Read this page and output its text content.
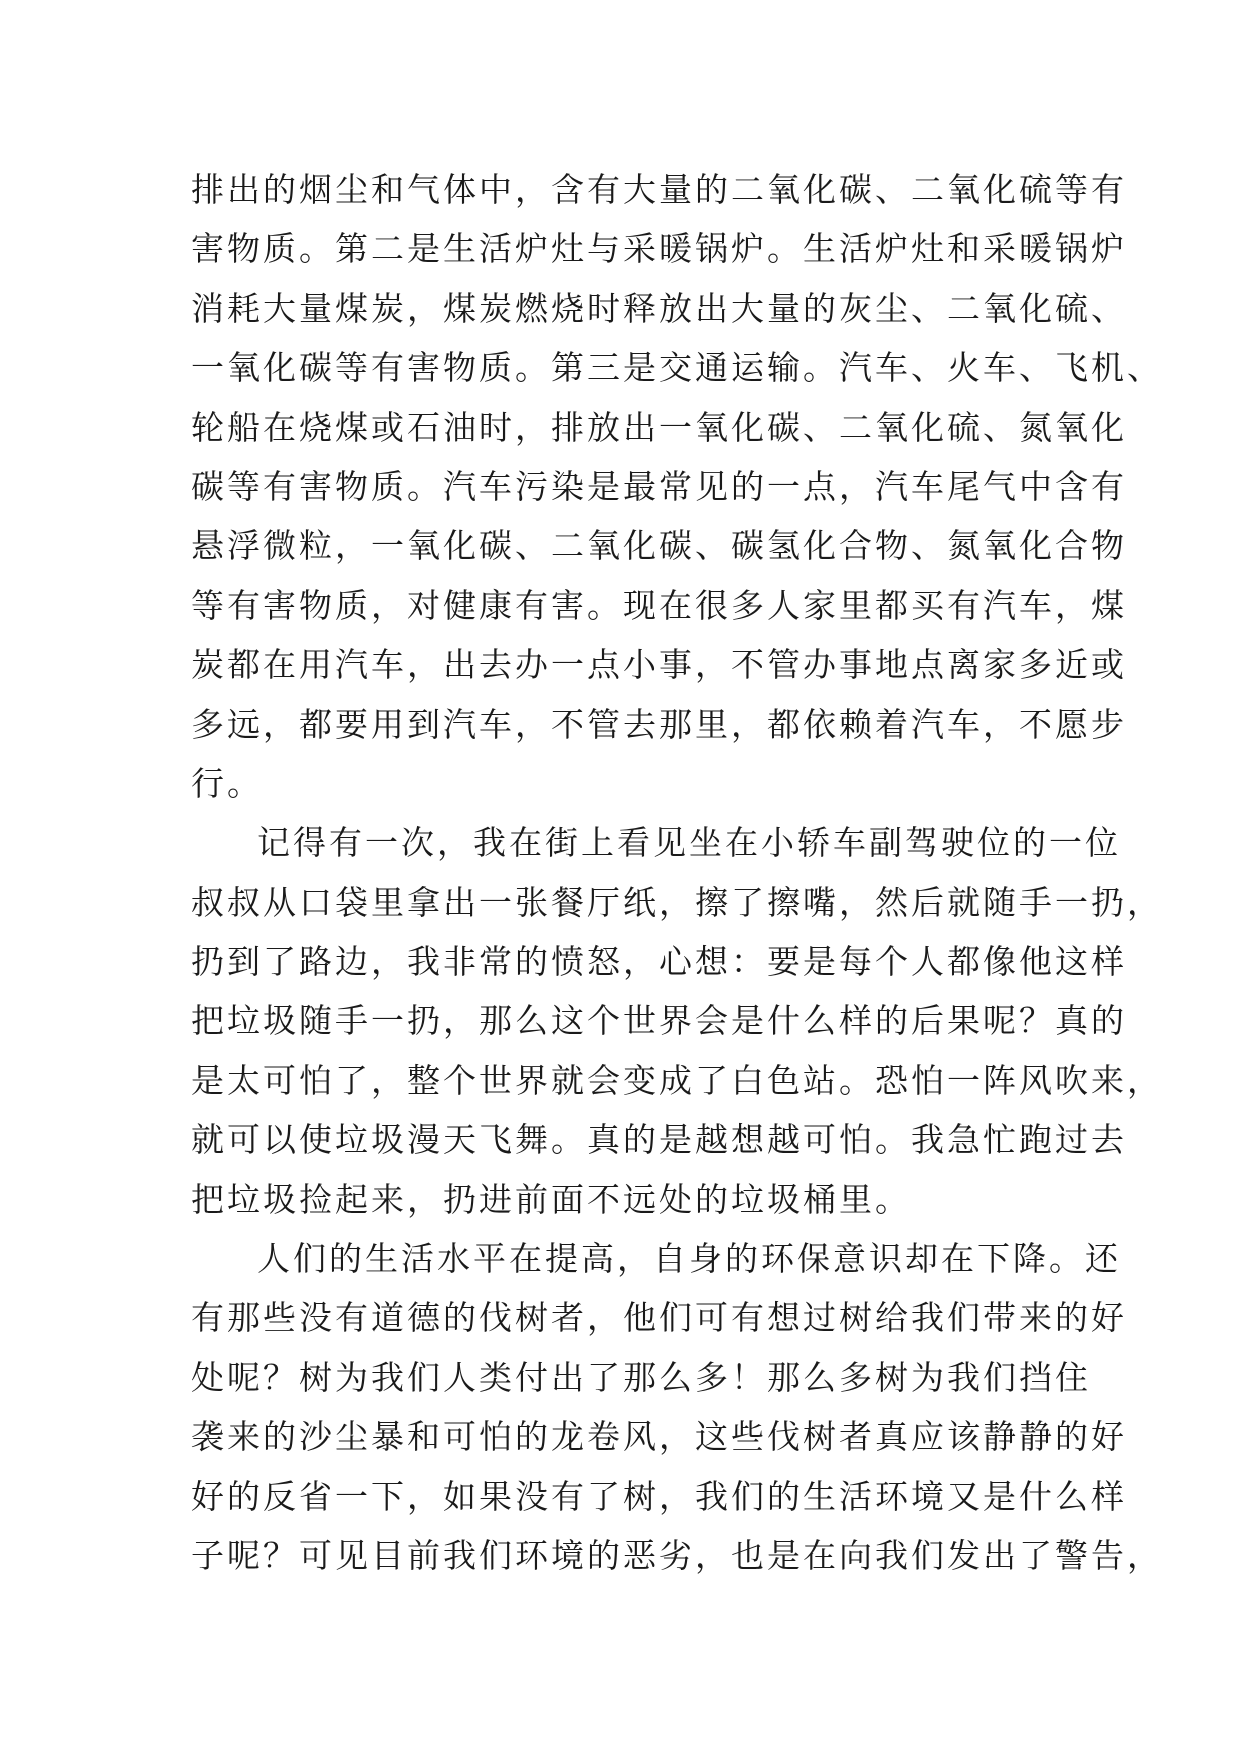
排出的烟尘和气体中，含有大量的二氧化碳、二氧化硫等有
害物质。第二是生活炉灶与采暖锅炉。生活炉灶和采暖锅炉
消耗大量煤炭，煤炭燃烧时释放出大量的灰尘、二氧化硫、
一氧化碳等有害物质。第三是交通运输。汽车、火车、飞机、
轮船在烧煤或石油时，排放出一氧化碳、二氧化硫、氮氧化
碳等有害物质。汽车污染是最常见的一点，汽车尾气中含有
悬浮微粒，一氧化碳、二氧化碳、碳氢化合物、氮氧化合物
等有害物质，对健康有害。现在很多人家里都买有汽车，煤
炭都在用汽车，出去办一点小事，不管办事地点离家多近或
多远，都要用到汽车，不管去那里，都依赖着汽车，不愿步
行。
记得有一次，我在街上看见坐在小轿车副驾驶位的一位
叔叔从口袋里拿出一张餐厅纸，擦了擦嘴，然后就随手一扔，
扔到了路边，我非常的愤怒，心想：要是每个人都像他这样
把垃圾随手一扔，那么这个世界会是什么样的后果呢？真的
是太可怕了，整个世界就会变成了白色站。恐怕一阵风吹来，
就可以使垃圾漫天飞舞。真的是越想越可怕。我急忙跑过去
把垃圾捡起来，扔进前面不远处的垃圾桶里。
人们的生活水平在提高，自身的环保意识却在下降。还
有那些没有道德的伐树者，他们可有想过树给我们带来的好
处呢？树为我们人类付出了那么多！那么多树为我们挡住
袭来的沙尘暴和可怕的龙卷风，这些伐树者真应该静静的好
好的反省一下，如果没有了树，我们的生活环境又是什么样
子呢？可见目前我们环境的恶劣，也是在向我们发出了警告，
